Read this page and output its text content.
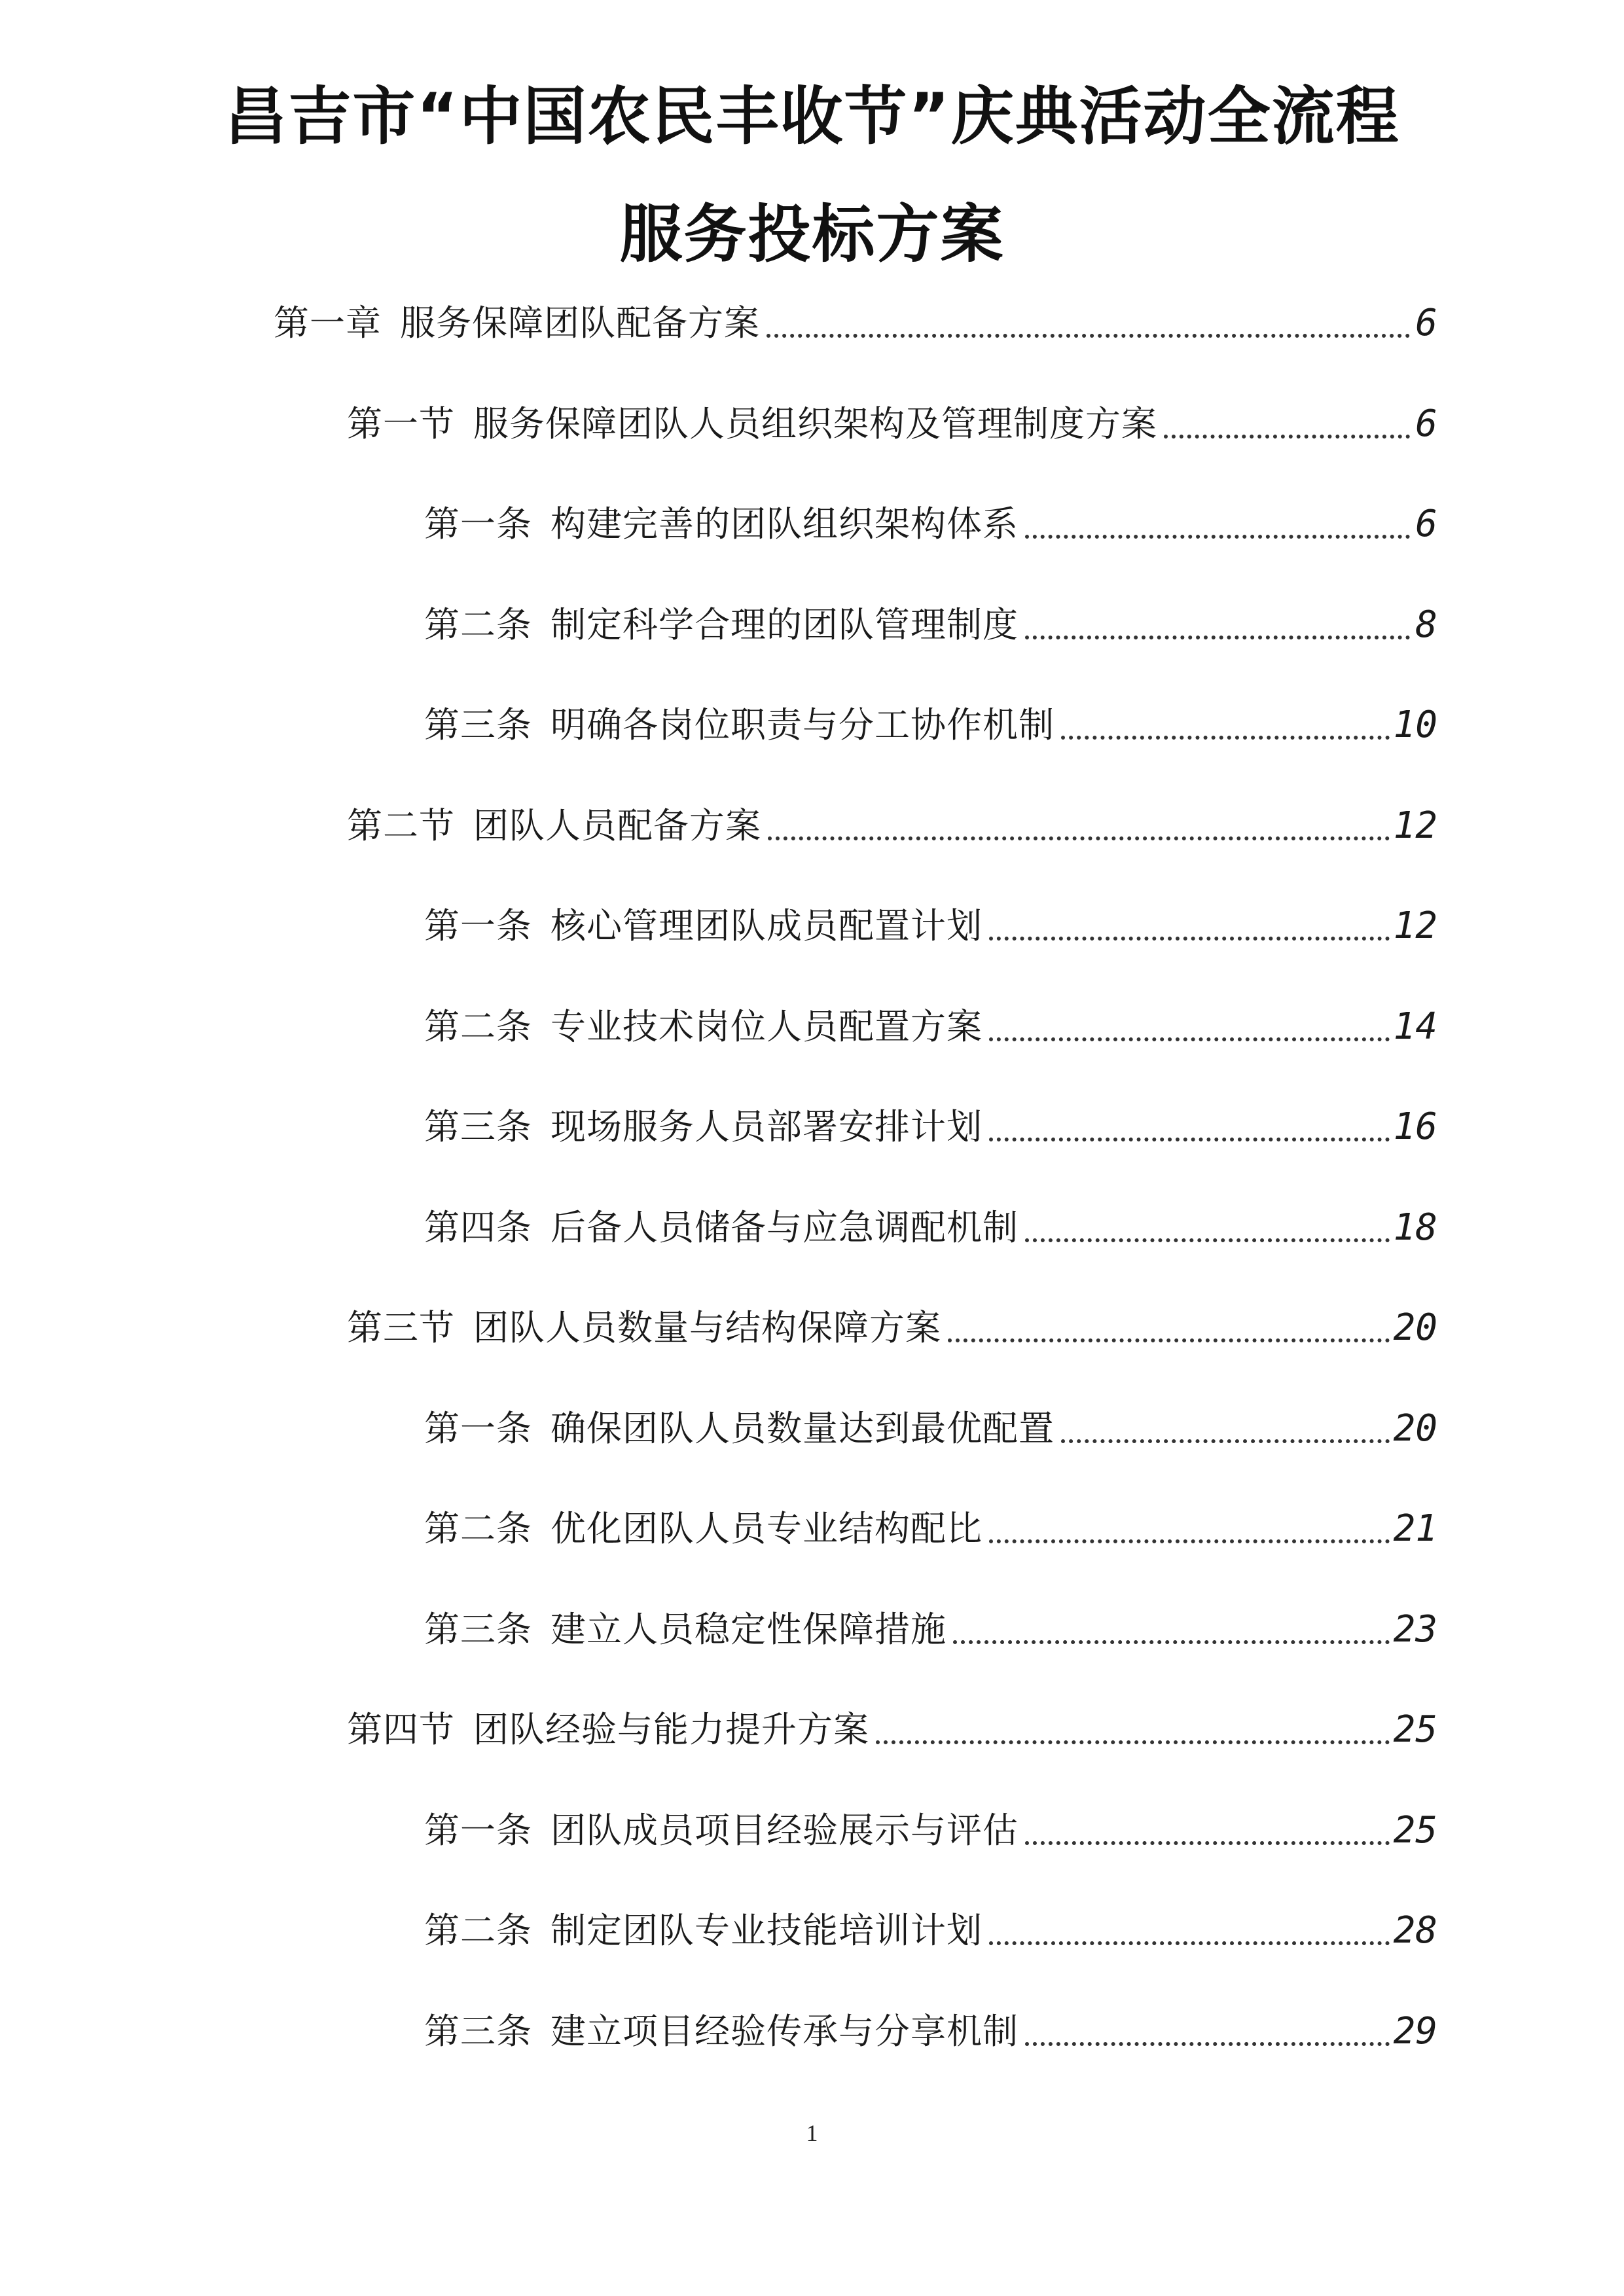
昌吉市“中国农民丰收节”庆典活动全流程
服务投标方案
第一章 服务保障团队配备方案	6
第一节 服务保障团队人员组织架构及管理制度方案	6
第一条 构建完善的团队组织架构体系	6
第二条 制定科学合理的团队管理制度	8
第三条 明确各岗位职责与分工协作机制	10
第二节 团队人员配备方案	12
第一条 核心管理团队成员配置计划	12
第二条 专业技术岗位人员配置方案	14
第三条 现场服务人员部署安排计划	16
第四条 后备人员储备与应急调配机制	18
第三节 团队人员数量与结构保障方案	20
第一条 确保团队人员数量达到最优配置	20
第二条 优化团队人员专业结构配比	21
第三条 建立人员稳定性保障措施	23
第四节 团队经验与能力提升方案	25
第一条 团队成员项目经验展示与评估	25
第二条 制定团队专业技能培训计划	28
第三条 建立项目经验传承与分享机制	29
1
